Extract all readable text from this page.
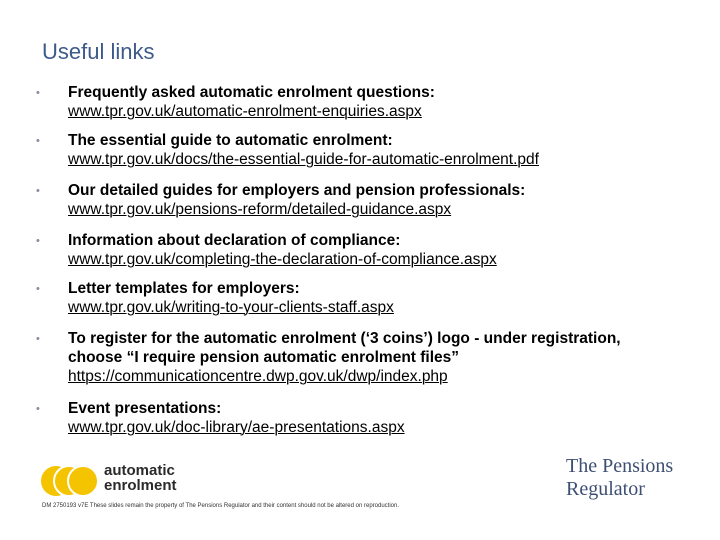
Useful links
• Frequently asked automatic enrolment questions:
www.tpr.gov.uk/automatic-enrolment-enquiries.aspx
• The essential guide to automatic enrolment:
www.tpr.gov.uk/docs/the-essential-guide-for-automatic-enrolment.pdf
• Our detailed guides for employers and pension professionals:
www.tpr.gov.uk/pensions-reform/detailed-guidance.aspx
• Information about declaration of compliance:
www.tpr.gov.uk/completing-the-declaration-of-compliance.aspx
• Letter templates for employers:
www.tpr.gov.uk/writing-to-your-clients-staff.aspx
• To register for the automatic enrolment (‘3 coins’) logo - under registration, choose “I require pension automatic enrolment files”
https://communicationcentre.dwp.gov.uk/dwp/index.php
• Event presentations:
www.tpr.gov.uk/doc-library/ae-presentations.aspx
automatic
enrolment
The Pensions
Regulator
DM 2750193 v7E These slides remain the property of The Pensions Regulator and their content should not be altered on reproduction.
